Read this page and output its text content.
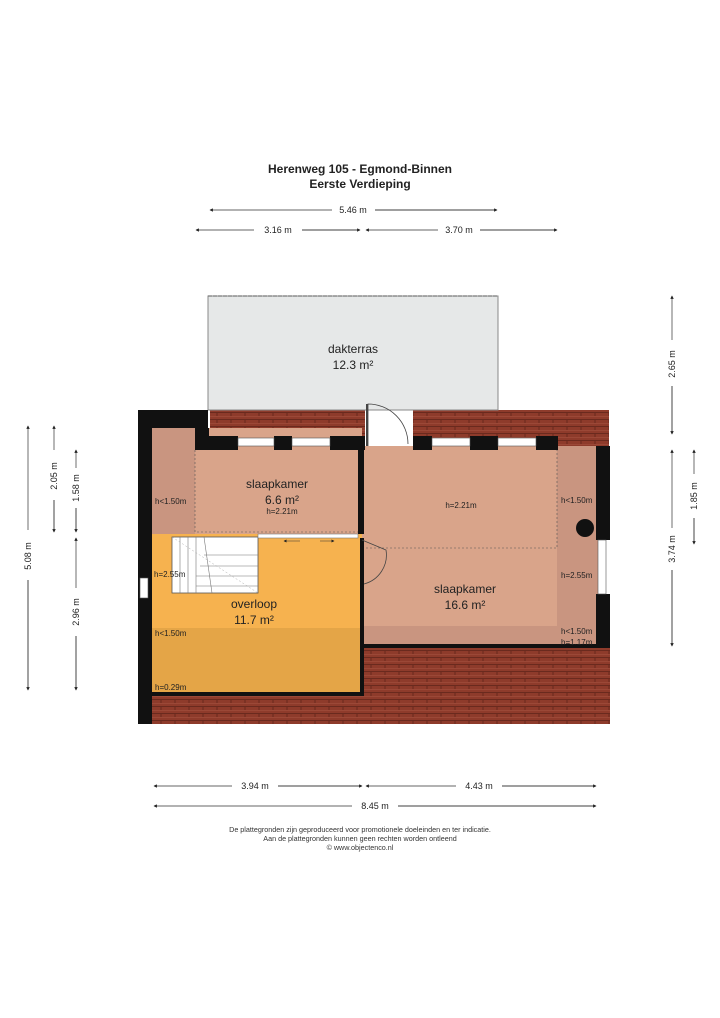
Herenweg 105 - Egmond-Binnen
Eerste Verdieping
dakterras
12.3 m²
slaapkamer
6.6 m²
h=2.21m
h=2.21m
slaapkamer
16.6 m²
overloop
11.7 m²
h<1.50m
h=2.55m
h<1.50m
h=0.29m
h<1.50m
h=2.55m
h<1.50m
h=1.17m
5.46 m
3.16 m	3.70 m
3.94 m	4.43 m
8.45 m
5.08 m
2.05 m 1.58 m
2.96 m
2.65 m
3.74 m
1.85 m
De plattegronden zijn geproduceerd voor promotionele doeleinden en ter indicatie.
Aan de plattegronden kunnen geen rechten worden ontleend
© www.objectenco.nl
